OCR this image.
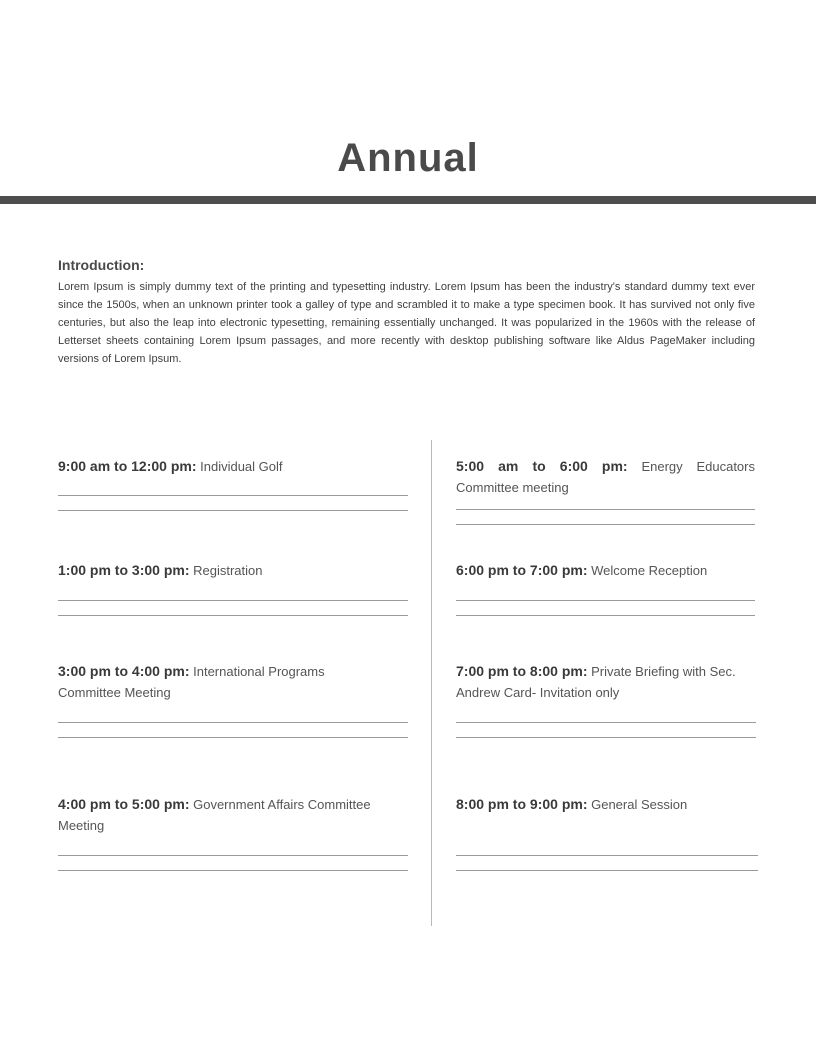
Annual

Introduction:

Lorem Ipsum is simply dummy text of the printing and typesetting industry. Lorem Ipsum has been the industry's standard dummy text ever since the 1500s, when an unknown printer took a galley of type and scrambled it to make a type specimen book. It has survived not only five centuries, but also the leap into electronic typesetting, remaining essentially unchanged. It was popularized in the 1960s with the release of Letterset sheets containing Lorem Ipsum passages, and more recently with desktop publishing software like Aldus PageMaker including versions of Lorem Ipsum.

9:00 am to 12:00 pm: Individual Golf

1:00 pm to 3:00 pm: Registration

3:00 pm to 4:00 pm: International Programs Committee Meeting

4:00 pm to 5:00 pm: Government Affairs Committee Meeting

5:00 am to 6:00 pm: Energy Educators Committee meeting

6:00 pm to 7:00 pm: Welcome Reception

7:00 pm to 8:00 pm: Private Briefing with Sec. Andrew Card- Invitation only

8:00 pm to 9:00 pm: General Session
